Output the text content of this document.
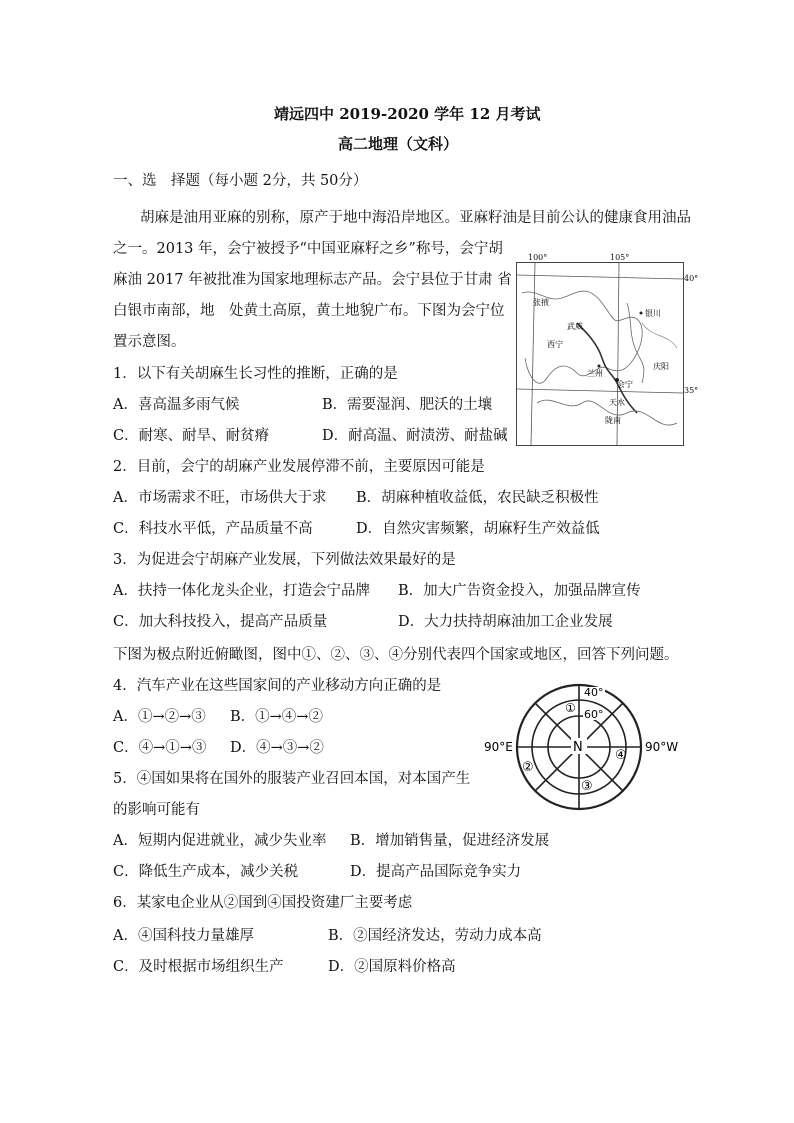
靖远四中 2019-2020 学年 12 月考试
高二地理（文科）
一、选　择题（每小题 2分，共 50分）
胡麻是油用亚麻的别称，原产于地中海沿岸地区。亚麻籽油是目前公认的健康食用油品
之一。2013 年，会宁被授予“中国亚麻籽之乡”称号，会宁胡
麻油 2017 年被批准为国家地理标志产品。会宁县位于甘肃 省
白银市南部，地　处黄土高原，黄土地貌广布。下图为会宁位
置示意图。
100°	105°
40°
35°
张掖
武威
银川
西宁
兰州
庆阳
会宁
天水
陇南
1．以下有关胡麻生长习性的推断，正确的是
A．喜高温多雨气候	B．需要湿润、肥沃的土壤
C．耐寒、耐旱、耐贫瘠	D．耐高温、耐渍涝、耐盐碱
2．目前，会宁的胡麻产业发展停滞不前，主要原因可能是
A．市场需求不旺，市场供大于求 B．胡麻种植收益低，农民缺乏积极性
C．科技水平低，产品质量不高	D．自然灾害频繁，胡麻籽生产效益低
3．为促进会宁胡麻产业发展，下列做法效果最好的是
A．扶持一体化龙头企业，打造会宁品牌 B．加大广告资金投入，加强品牌宣传
C．加大科技投入，提高产品质量	D．大力扶持胡麻油加工企业发展
下图为极点附近俯瞰图，图中①、②、③、④分别代表四个国家或地区，回答下列问题。
N
40°
60°
①
②
③
④
90°E	90°W
4．汽车产业在这些国家间的产业移动方向正确的是
A．①→②→③ B．①→④→②
C．④→①→③ D．④→③→②
5．④国如果将在国外的服装产业召回本国，对本国产生
的影响可能有
A．短期内促进就业，减少失业率 B．增加销售量，促进经济发展
C．降低生产成本，减少关税	D．提高产品国际竞争实力
6．某家电企业从②国到④国投资建厂主要考虑
A．④国科技力量雄厚	B．②国经济发达，劳动力成本高
C．及时根据市场组织生产	D．②国原料价格高
